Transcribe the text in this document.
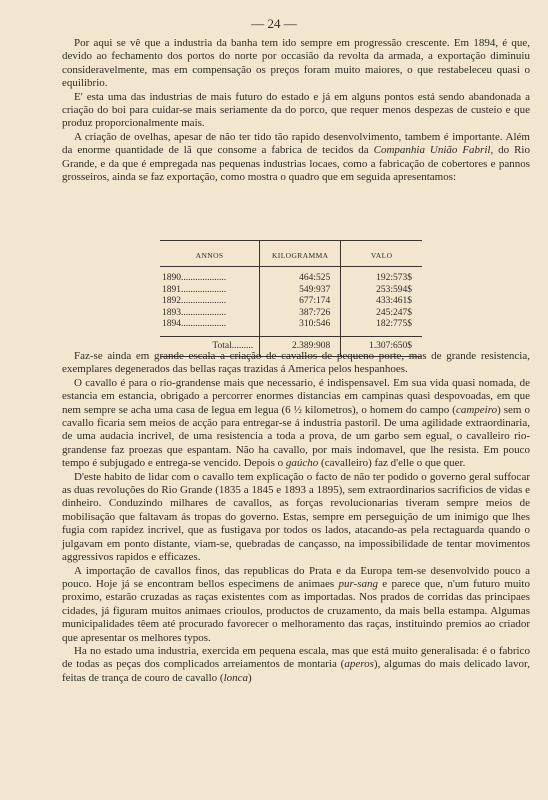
— 24 —

Por aqui se vê que a industria da banha tem ido sempre em progressão crescente. Em 1894, é que, devido ao fechamento dos portos do norte por occasião da revolta da armada, a exportação diminuiu consideravelmente, mas em compensação os preços foram muito maiores, o que restabeleceu quasi o equilibrio.

E' esta uma das industrias de mais futuro do estado e já em alguns pontos está sendo abandonada a criação do boi para cuidar-se mais seriamente da do porco, que requer menos despezas de custeio e que produz proporcionalmente mais.

A criação de ovelhas, apesar de não ter tido tão rapido desenvolvimento, tambem é importante. Além da enorme quantidade de lã que consome a fabrica de tecidos da Companhia União Fabril, do Rio Grande, e da que é empregada nas pequenas industrias locaes, como a fabricação de cobertores e pannos grosseiros, ainda se faz exportação, como mostra o quadro que em seguida apresentamos:

ANNOS	KILOGRAMMA	VALO
1890...................	464:525	192:573$
1891...................	549:937	253:594$
1892...................	677:174	433:461$
1893...................	387:726	245:247$
1894...................	310:546	182:775$
Total.........	2.389:908	1.307:650$

Faz-se ainda em grande escala a criação de cavallos de pequeno porte, mas de grande resistencia, exemplares degenerados das bellas raças trazidas á America pelos hespanhoes.

O cavallo é para o rio-grandense mais que necessario, é indispensavel. Em sua vida quasi nomada, de estancia em estancia, obrigado a percorrer enormes distancias em campinas quasi despovoadas, em que nem sempre se acha uma casa de legua em legua (6 ½ kilometros), o homem do campo (campeiro) sem o cavallo ficaria sem meios de acção para entregar-se á industria pastoril. De uma agilidade extraordinaria, de uma audacia incrivel, de uma resistencia a toda a prova, de um garbo sem egual, o cavalleiro rio-grandense faz proezas que espantam. Não ha cavallo, por mais indomavel, que lhe resista. Em pouco tempo é subjugado e entrega-se vencido. Depois o gaúcho (cavalleiro) faz d'elle o que quer.

D'este habito de lidar com o cavallo tem explicação o facto de não ter podido o governo geral suffocar as duas revoluções do Rio Grande (1835 a 1845 e 1893 a 1895), sem extraordinarios sacrificios de vidas e dinheiro. Conduzindo milhares de cavallos, as forças revolucionarias tiveram sempre meios de mobilisação que faltavam ás tropas do governo. Estas, sempre em perseguição de um inimigo que lhes fugia com rapidez incrivel, que as fustigava por todos os lados, atacando-as pela rectaguarda quando o julgavam em ponto distante, viam-se, quebradas de cançasso, na impossibilidade de tentar movimentos aggressivos rapidos e efficazes.

A importação de cavallos finos, das republicas do Prata e da Europa tem-se desenvolvido pouco a pouco. Hoje já se encontram bellos especimens de animaes pur-sang e parece que, n'um futuro muito proximo, estarão cruzadas as raças existentes com as importadas. Nos prados de corridas das principaes cidades, já figuram muitos animaes crioulos, productos de cruzamento, da mais bella estampa. Algumas municipalidades têem até procurado favorecer o melhoramento das raças, instituindo premios ao criador que apresentar os melhores typos.

Ha no estado uma industria, exercida em pequena escala, mas que está muito generalisada: é o fabrico de todas as peças dos complicados arreiamentos de montaria (aperos), algumas do mais delicado lavor, feitas de trança de couro de cavallo (lonca)
